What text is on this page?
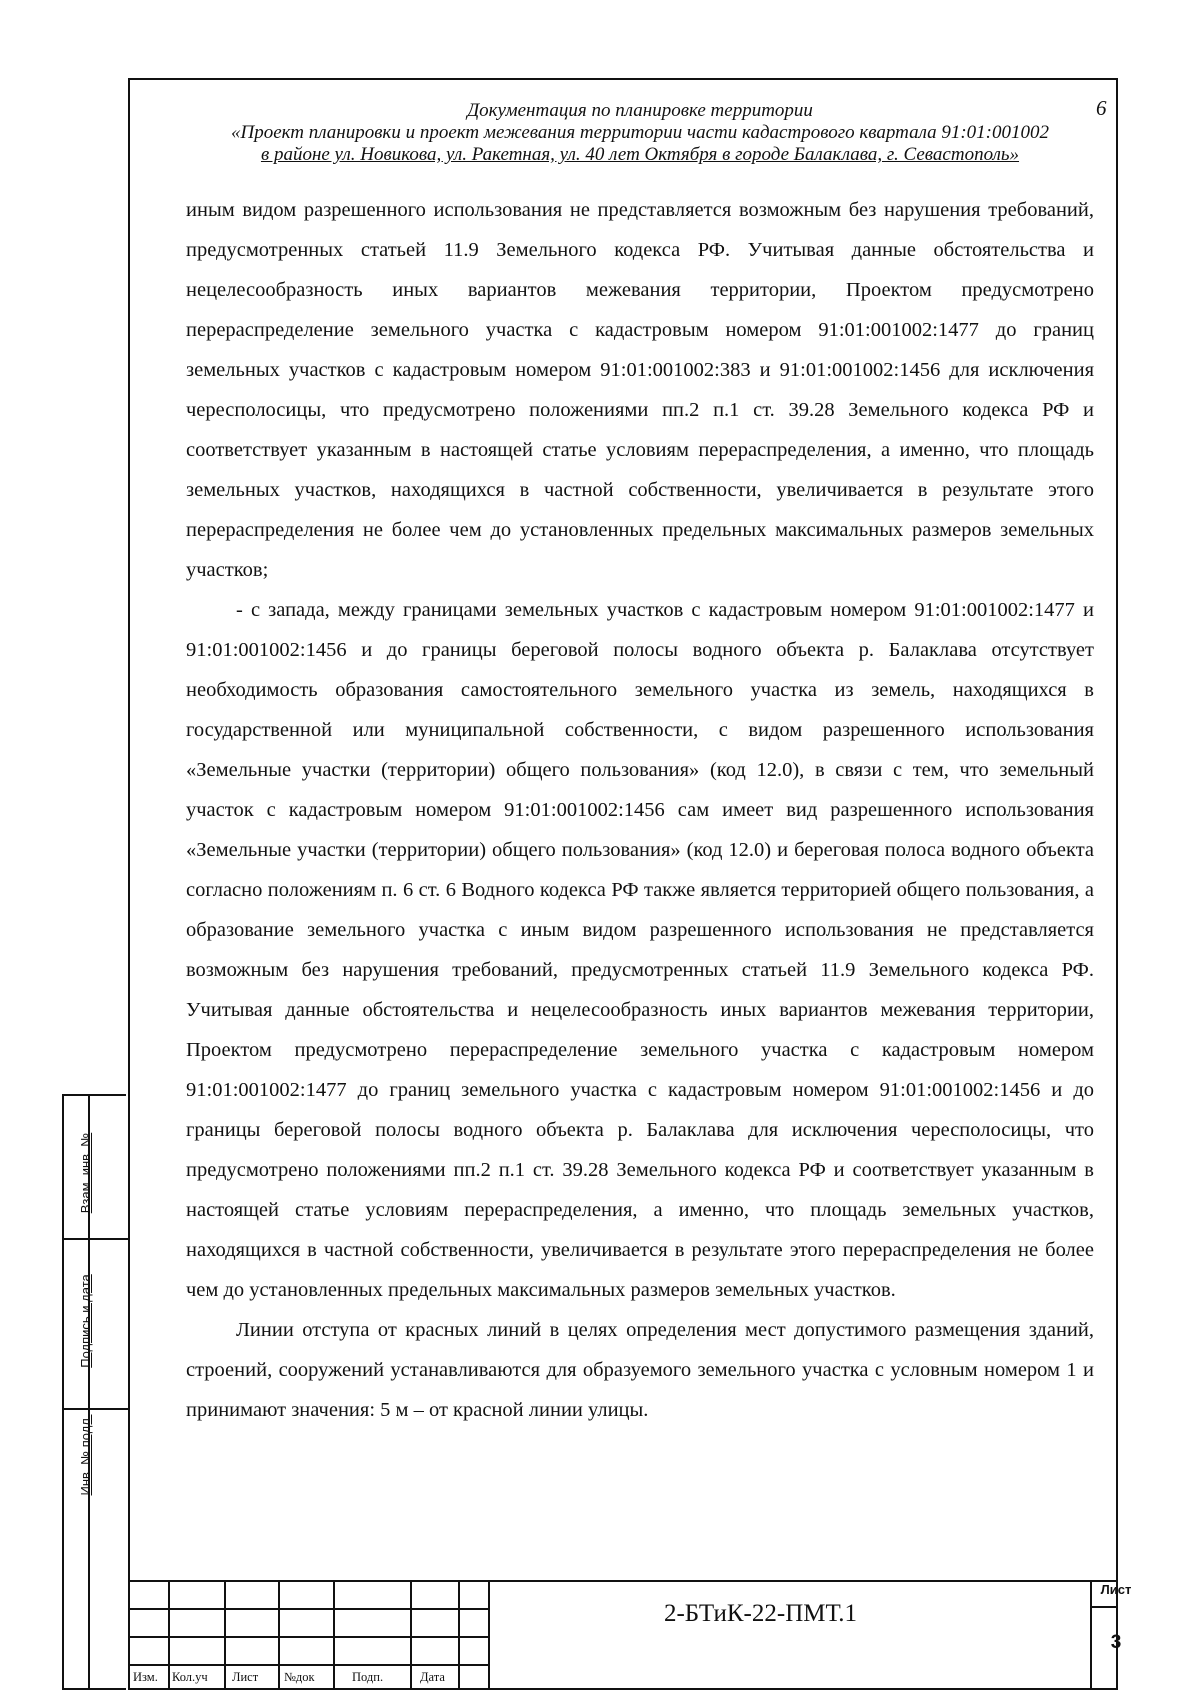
Документация по планировке территории
«Проект планировки и проект межевания территории части кадастрового квартала 91:01:001002
в районе ул. Новикова, ул. Ракетная, ул. 40 лет Октября в городе Балаклава, г. Севастополь»
6

иным видом разрешенного использования не представляется возможным без нарушения требований, предусмотренных статьей 11.9 Земельного кодекса РФ. Учитывая данные обстоятельства и нецелесообразность иных вариантов межевания территории, Проектом предусмотрено перераспределение земельного участка с кадастровым номером 91:01:001002:1477 до границ земельных участков с кадастровым номером 91:01:001002:383 и 91:01:001002:1456 для исключения чересполосицы, что предусмотрено положениями пп.2 п.1 ст. 39.28 Земельного кодекса РФ и соответствует указанным в настоящей статье условиям перераспределения, а именно, что площадь земельных участков, находящихся в частной собственности, увеличивается в результате этого перераспределения не более чем до установленных предельных максимальных размеров земельных участков;

- с запада, между границами земельных участков с кадастровым номером 91:01:001002:1477 и 91:01:001002:1456 и до границы береговой полосы водного объекта р. Балаклава отсутствует необходимость образования самостоятельного земельного участка из земель, находящихся в государственной или муниципальной собственности, с видом разрешенного использования «Земельные участки (территории) общего пользования» (код 12.0), в связи с тем, что земельный участок с кадастровым номером 91:01:001002:1456 сам имеет вид разрешенного использования «Земельные участки (территории) общего пользования» (код 12.0) и береговая полоса водного объекта согласно положениям п. 6 ст. 6 Водного кодекса РФ также является территорией общего пользования, а образование земельного участка с иным видом разрешенного использования не представляется возможным без нарушения требований, предусмотренных статьей 11.9 Земельного кодекса РФ. Учитывая данные обстоятельства и нецелесообразность иных вариантов межевания территории, Проектом предусмотрено перераспределение земельного участка с кадастровым номером 91:01:001002:1477 до границ земельного участка с кадастровым номером 91:01:001002:1456 и до границы береговой полосы водного объекта р. Балаклава для исключения чересполосицы, что предусмотрено положениями пп.2 п.1 ст. 39.28 Земельного кодекса РФ и соответствует указанным в настоящей статье условиям перераспределения, а именно, что площадь земельных участков, находящихся в частной собственности, увеличивается в результате этого перераспределения не более чем до установленных предельных максимальных размеров земельных участков.

Линии отступа от красных линий в целях определения мест допустимого размещения зданий, строений, сооружений устанавливаются для образуемого земельного участка с условным номером 1 и принимают значения: 5 м – от красной линии улицы.

Взам. инв. №
Подпись и дата
Инв. № подл.
Изм. Кол.уч Лист №док	Подп.	Дата
2-БТиК-22-ПМТ.1
Лист
3
